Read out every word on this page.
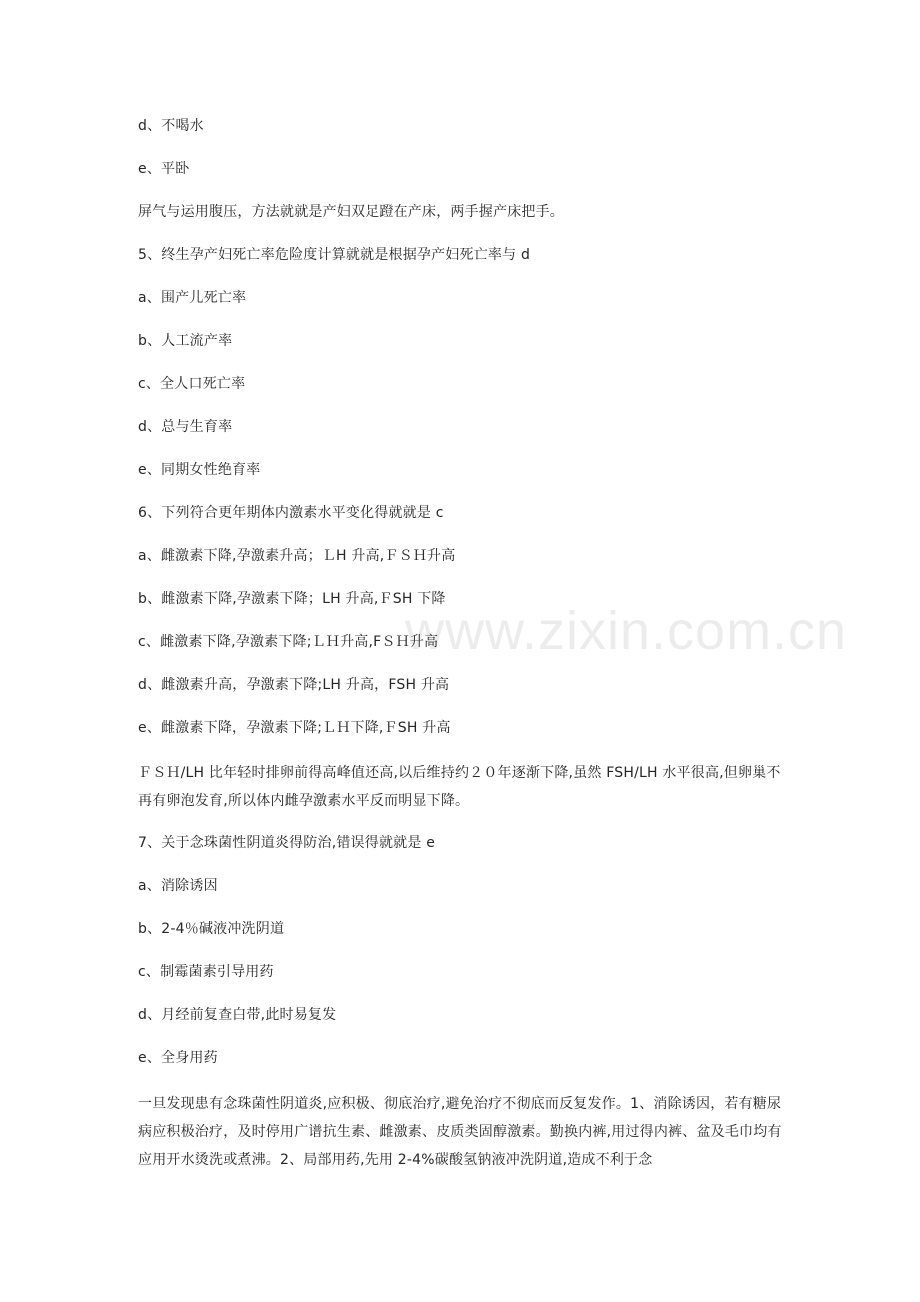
www.zixin.com.cn
d、不喝水
e、平卧
屏气与运用腹压，方法就就是产妇双足蹬在产床，两手握产床把手。
5、终生孕产妇死亡率危险度计算就就是根据孕产妇死亡率与 d
a、围产儿死亡率
b、人工流产率
c、全人口死亡率
d、总与生育率
e、同期女性绝育率
6、下列符合更年期体内激素水平变化得就就是 c
a、雌激素下降,孕激素升高；ＬH 升高,ＦＳＨ升高
b、雌激素下降,孕激素下降；LH 升高,ＦSH 下降
c、雌激素下降,孕激素下降;ＬＨ升高,FＳＨ升高
d、雌激素升高，孕激素下降;LH 升高，FSH 升高
e、雌激素下降，孕激素下降;ＬＨ下降,ＦSH 升高
ＦＳＨ/LH 比年轻时排卵前得高峰值还高,以后维持约２０年逐渐下降,虽然 FSH/LH 水平很高,但卵巢不再有卵泡发育,所以体内雌孕激素水平反而明显下降。
7、关于念珠菌性阴道炎得防治,错误得就就是 e
a、消除诱因
b、2-4％碱液冲洗阴道
c、制霉菌素引导用药
d、月经前复查白带,此时易复发
e、全身用药
一旦发现患有念珠菌性阴道炎,应积极、彻底治疗,避免治疗不彻底而反复发作。1、消除诱因，若有糖尿病应积极治疗，及时停用广谱抗生素、雌激素、皮质类固醇激素。勤换内裤,用过得内裤、盆及毛巾均有应用开水烫洗或煮沸。2、局部用药,先用 2-4%碳酸氢钠液冲洗阴道,造成不利于念
